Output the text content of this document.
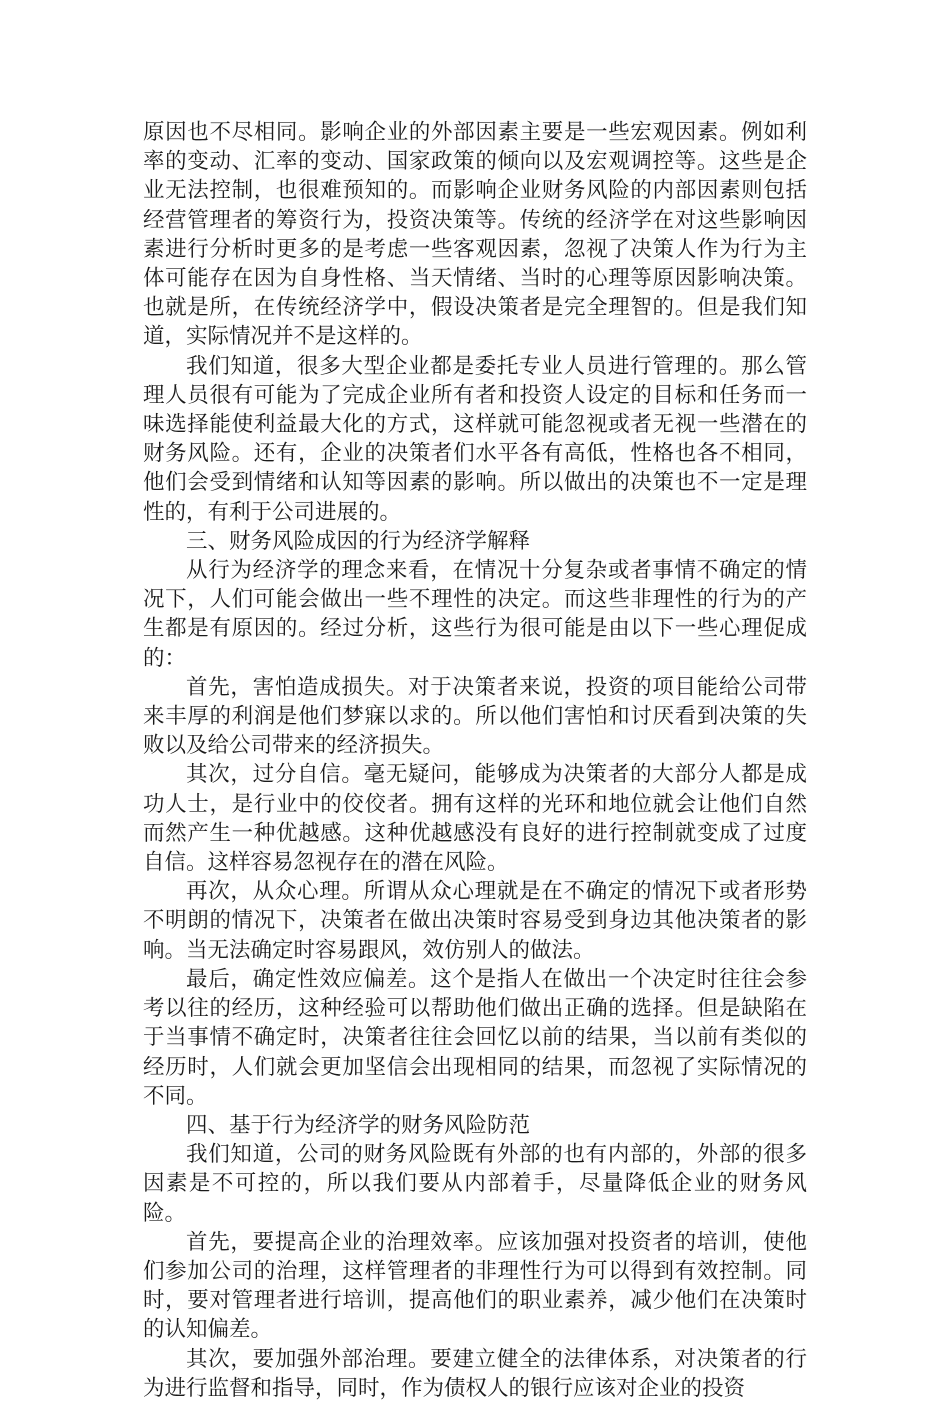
原因也不尽相同。影响企业的外部因素主要是一些宏观因素。例如利率的变动、汇率的变动、国家政策的倾向以及宏观调控等。这些是企业无法控制，也很难预知的。而影响企业财务风险的内部因素则包括经营管理者的筹资行为，投资决策等。传统的经济学在对这些影响因素进行分析时更多的是考虑一些客观因素，忽视了决策人作为行为主体可能存在因为自身性格、当天情绪、当时的心理等原因影响决策。也就是所，在传统经济学中，假设决策者是完全理智的。但是我们知道，实际情况并不是这样的。

我们知道，很多大型企业都是委托专业人员进行管理的。那么管理人员很有可能为了完成企业所有者和投资人设定的目标和任务而一味选择能使利益最大化的方式，这样就可能忽视或者无视一些潜在的财务风险。还有，企业的决策者们水平各有高低，性格也各不相同，他们会受到情绪和认知等因素的影响。所以做出的决策也不一定是理性的，有利于公司进展的。

三、财务风险成因的行为经济学解释

从行为经济学的理念来看，在情况十分复杂或者事情不确定的情况下，人们可能会做出一些不理性的决定。而这些非理性的行为的产生都是有原因的。经过分析，这些行为很可能是由以下一些心理促成的：

首先，害怕造成损失。对于决策者来说，投资的项目能给公司带来丰厚的利润是他们梦寐以求的。所以他们害怕和讨厌看到决策的失败以及给公司带来的经济损失。

其次，过分自信。毫无疑问，能够成为决策者的大部分人都是成功人士，是行业中的佼佼者。拥有这样的光环和地位就会让他们自然而然产生一种优越感。这种优越感没有良好的进行控制就变成了过度自信。这样容易忽视存在的潜在风险。

再次，从众心理。所谓从众心理就是在不确定的情况下或者形势不明朗的情况下，决策者在做出决策时容易受到身边其他决策者的影响。当无法确定时容易跟风，效仿别人的做法。

最后，确定性效应偏差。这个是指人在做出一个决定时往往会参考以往的经历，这种经验可以帮助他们做出正确的选择。但是缺陷在于当事情不确定时，决策者往往会回忆以前的结果，当以前有类似的经历时，人们就会更加坚信会出现相同的结果，而忽视了实际情况的不同。

四、基于行为经济学的财务风险防范

我们知道，公司的财务风险既有外部的也有内部的，外部的很多因素是不可控的，所以我们要从内部着手，尽量降低企业的财务风险。

首先，要提高企业的治理效率。应该加强对投资者的培训，使他们参加公司的治理，这样管理者的非理性行为可以得到有效控制。同时，要对管理者进行培训，提高他们的职业素养，减少他们在决策时的认知偏差。

其次，要加强外部治理。要建立健全的法律体系，对决策者的行为进行监督和指导，同时，作为债权人的银行应该对企业的投资
